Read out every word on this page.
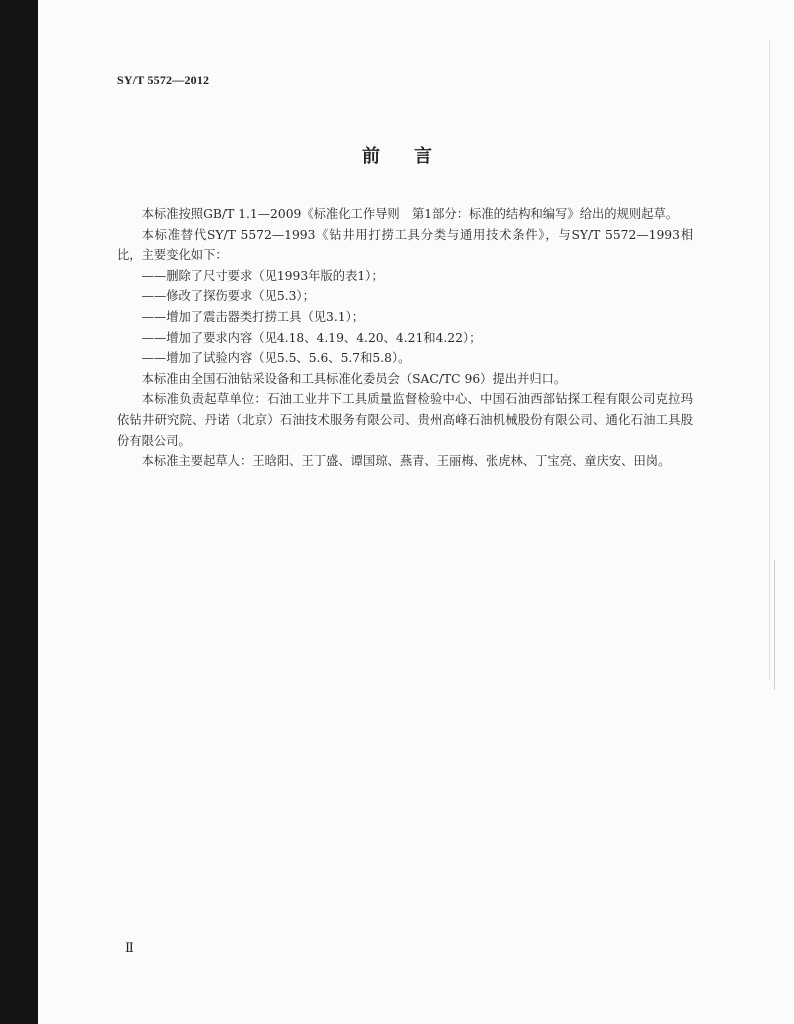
SY/T 5572—2012
前 言

本标准按照GB/T 1.1—2009《标准化工作导则　第1部分：标准的结构和编写》给出的规则起草。

本标准替代SY/T 5572—1993《钻井用打捞工具分类与通用技术条件》，与SY/T 5572—1993相比，主要变化如下：

——删除了尺寸要求（见1993年版的表1）；

——修改了探伤要求（见5.3）；

——增加了震击器类打捞工具（见3.1）；

——增加了要求内容（见4.18、4.19、4.20、4.21和4.22）；

——增加了试验内容（见5.5、5.6、5.7和5.8）。

本标准由全国石油钻采设备和工具标准化委员会（SAC/TC 96）提出并归口。

本标准负责起草单位：石油工业井下工具质量监督检验中心、中国石油西部钻探工程有限公司克拉玛依钻井研究院、丹诺（北京）石油技术服务有限公司、贵州高峰石油机械股份有限公司、通化石油工具股份有限公司。

本标准主要起草人：王晗阳、王丁盛、谭国琼、燕青、王丽梅、张虎林、丁宝亮、童庆安、田岗。

Ⅱ
